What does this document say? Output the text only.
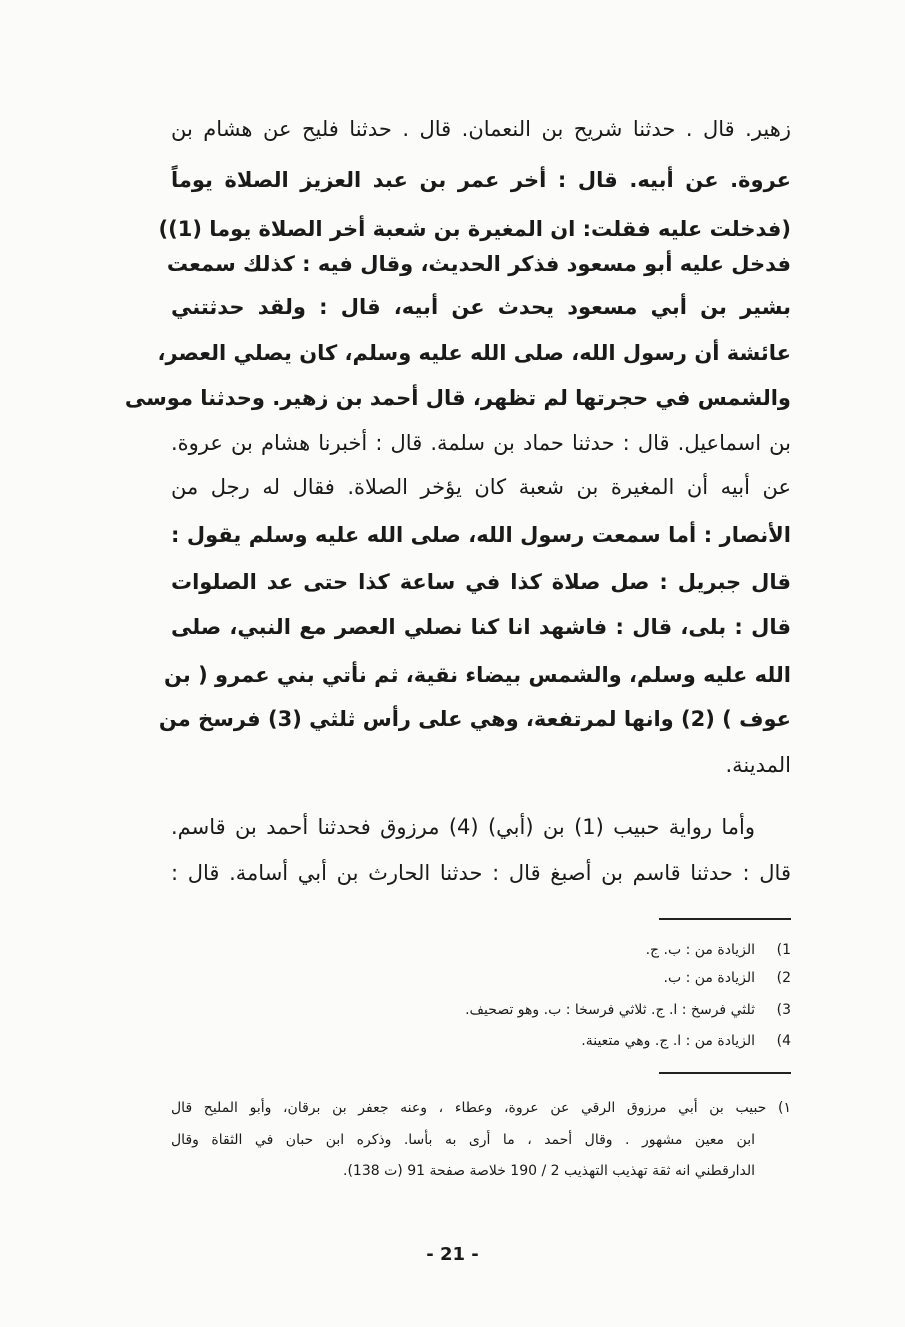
زهير. قال . حدثنا شريح بن النعمان. قال . حدثنا فليح عن هشام بن
عروة. عن أبيه. قال : أخر عمر بن عبد العزيز الصلاة يوماً
(فدخلت عليه فقلت: ان المغيرة بن شعبة أخر الصلاة يوما (1))
فدخل عليه أبو مسعود فذكر الحديث، وقال فيه : كذلك سمعت
بشير بن أبي مسعود يحدث عن أبيه، قال : ولقد حدثتني
عائشة أن رسول الله، صلى الله عليه وسلم، كان يصلي العصر،
والشمس في حجرتها لم تظهر، قال أحمد بن زهير. وحدثنا موسى
بن اسماعيل. قال : حدثنا حماد بن سلمة. قال : أخبرنا هشام بن عروة.
عن أبيه أن المغيرة بن شعبة كان يؤخر الصلاة. فقال له رجل من
الأنصار : أما سمعت رسول الله، صلى الله عليه وسلم يقول :
قال جبريل : صل صلاة كذا في ساعة كذا حتى عد الصلوات
قال : بلى، قال : فاشهد انا كنا نصلي العصر مع النبي، صلى
الله عليه وسلم، والشمس بيضاء نقية، ثم نأتي بني عمرو ( بن
عوف ) (2) وانها لمرتفعة، وهي على رأس ثلثي (3) فرسخ من
المدينة.
وأما رواية حبيب (1) بن (أبي) (4) مرزوق فحدثنا أحمد بن قاسم.
قال : حدثنا قاسم بن أصبغ قال : حدثنا الحارث بن أبي أسامة. قال :
1)الزيادة من : ب. ج.
2)الزيادة من : ب.
3)ثلثي فرسخ : ا. ج. ثلاثي فرسخا : ب. وهو تصحيف.
4)الزيادة من : ا. ج. وهي متعينة.
١) حبيب بن أبي مرزوق الرقي عن عروة، وعطاء ، وعنه جعفر بن برقان، وأبو المليح قال
ابن معين مشهور . وقال أحمد ، ما أرى به بأسا. وذكره ابن حبان في الثقاة وقال
الدارقطني انه ثقة تهذيب التهذيب 2 / 190 خلاصة صفحة 91 (ت 138).
- 21 -
